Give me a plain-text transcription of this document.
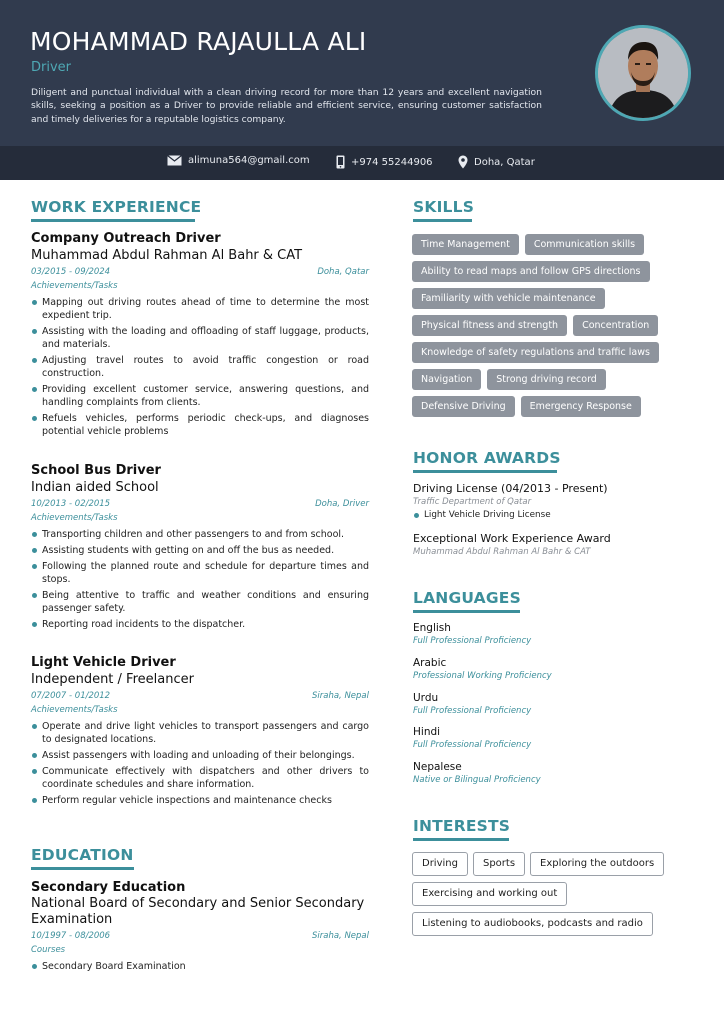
MOHAMMAD RAJAULLA ALI
Driver
Diligent and punctual individual with a clean driving record for more than 12 years and excellent navigation skills, seeking a position as a Driver to provide reliable and efficient service, ensuring customer satisfaction and timely deliveries for a reputable logistics company.
alimuna564@gmail.com	+974 55244906	Doha, Qatar
WORK EXPERIENCE
Company Outreach Driver
Muhammad Abdul Rahman Al Bahr & CAT
03/2015 - 09/2024	Doha, Qatar
Achievements/Tasks
Mapping out driving routes ahead of time to determine the most expedient trip.
Assisting with the loading and offloading of staff luggage, products, and materials.
Adjusting travel routes to avoid traffic congestion or road construction.
Providing excellent customer service, answering questions, and handling complaints from clients.
Refuels vehicles, performs periodic check-ups, and diagnoses potential vehicle problems
School Bus Driver
Indian aided School
10/2013 - 02/2015	Doha, Driver
Achievements/Tasks
Transporting children and other passengers to and from school.
Assisting students with getting on and off the bus as needed.
Following the planned route and schedule for departure times and stops.
Being attentive to traffic and weather conditions and ensuring passenger safety.
Reporting road incidents to the dispatcher.
Light Vehicle Driver
Independent / Freelancer
07/2007 - 01/2012	Siraha, Nepal
Achievements/Tasks
Operate and drive light vehicles to transport passengers and cargo to designated locations.
Assist passengers with loading and unloading of their belongings.
Communicate effectively with dispatchers and other drivers to coordinate schedules and share information.
Perform regular vehicle inspections and maintenance checks
EDUCATION
Secondary Education
National Board of Secondary and Senior Secondary Examination
10/1997 - 08/2006	Siraha, Nepal
Courses
Secondary Board Examination
SKILLS
Time Management	Communication skills
Ability to read maps and follow GPS directions
Familiarity with vehicle maintenance
Physical fitness and strength	Concentration
Knowledge of safety regulations and traffic laws
Navigation	Strong driving record
Defensive Driving	Emergency Response
HONOR AWARDS
Driving License (04/2013 - Present)
Traffic Department of Qatar
Light Vehicle Driving License
Exceptional Work Experience Award
Muhammad Abdul Rahman Al Bahr & CAT
LANGUAGES
English
Full Professional Proficiency
Arabic
Professional Working Proficiency
Urdu
Full Professional Proficiency
Hindi
Full Professional Proficiency
Nepalese
Native or Bilingual Proficiency
INTERESTS
Driving	Sports	Exploring the outdoors
Exercising and working out
Listening to audiobooks, podcasts and radio
